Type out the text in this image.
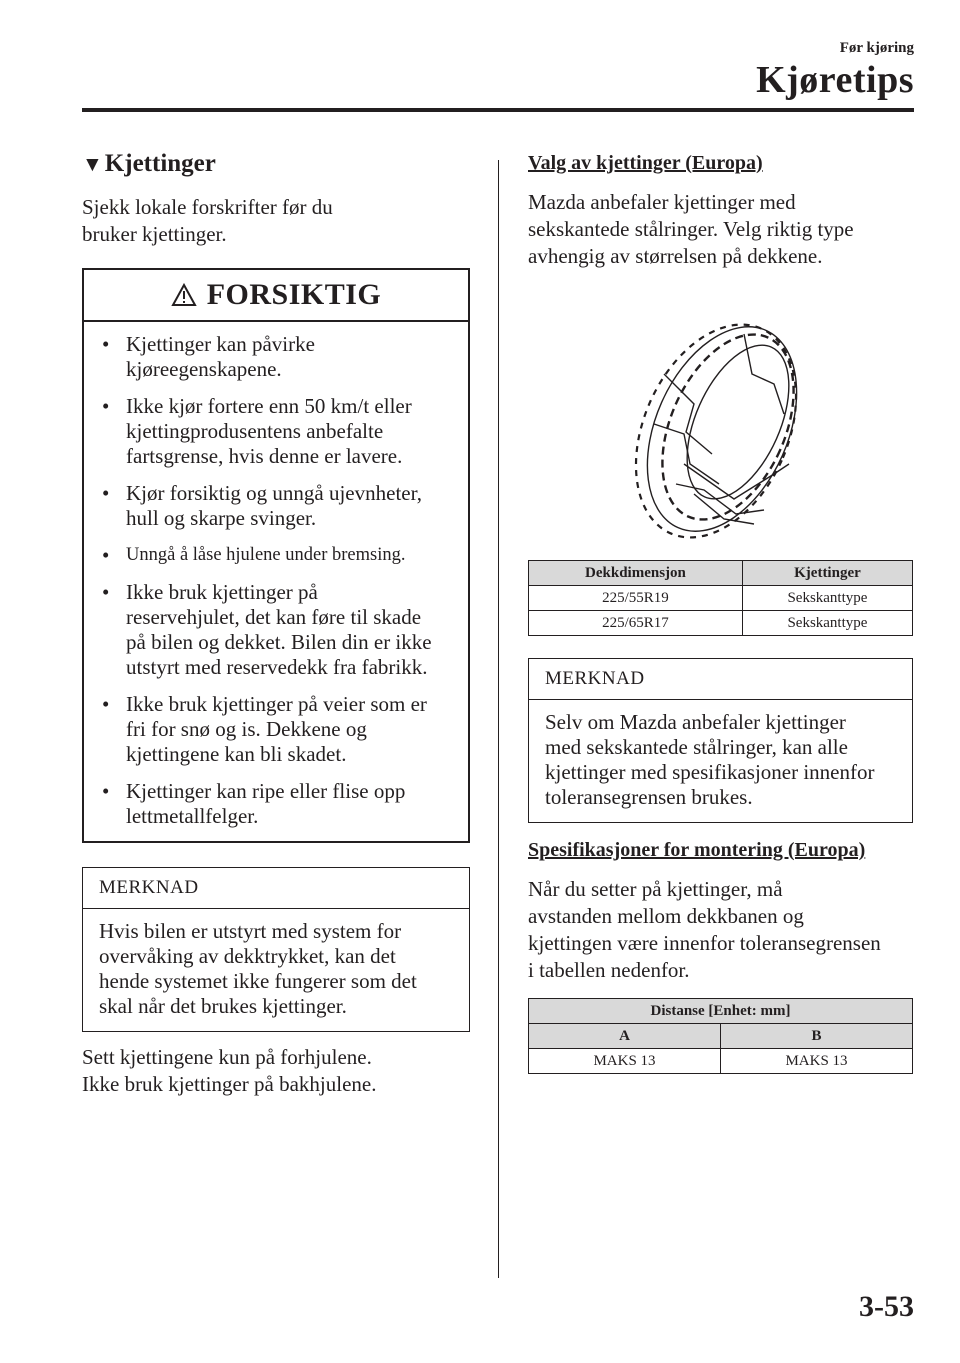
Før kjøring
Kjøretips
▼ Kjettinger

Sjekk lokale forskrifter før du
bruker kjettinger.

FORSIKTIG
• Kjettinger kan påvirke
kjøreegenskapene.
• Ikke kjør fortere enn 50 km/t eller
kjettingprodusentens anbefalte
fartsgrense, hvis denne er lavere.
• Kjør forsiktig og unngå ujevnheter,
hull og skarpe svinger.
• Unngå å låse hjulene under bremsing.
• Ikke bruk kjettinger på
reservehjulet, det kan føre til skade
på bilen og dekket. Bilen din er ikke
utstyrt med reservedekk fra fabrikk.
• Ikke bruk kjettinger på veier som er
fri for snø og is. Dekkene og
kjettingene kan bli skadet.
• Kjettinger kan ripe eller flise opp
lettmetallfelger.
MERKNAD
Hvis bilen er utstyrt med system for
overvåking av dekktrykket, kan det
hende systemet ikke fungerer som det
skal når det brukes kjettinger.

Sett kjettingene kun på forhjulene.
Ikke bruk kjettinger på bakhjulene.

Valg av kjettinger (Europa)

Mazda anbefaler kjettinger med
sekskantede stålringer. Velg riktig type
avhengig av størrelsen på dekkene.

Dekkdimensjon	Kjettinger
225/55R19	Sekskanttype
225/65R17	Sekskanttype
MERKNAD
Selv om Mazda anbefaler kjettinger
med sekskantede stålringer, kan alle
kjettinger med spesifikasjoner innenfor
toleransegrensen brukes.
Spesifikasjoner for montering (Europa)

Når du setter på kjettinger, må
avstanden mellom dekkbanen og
kjettingen være innenfor toleransegrensen
i tabellen nedenfor.

Distanse [Enhet: mm]	
A	B
MAKS 13	MAKS 13
3-53
